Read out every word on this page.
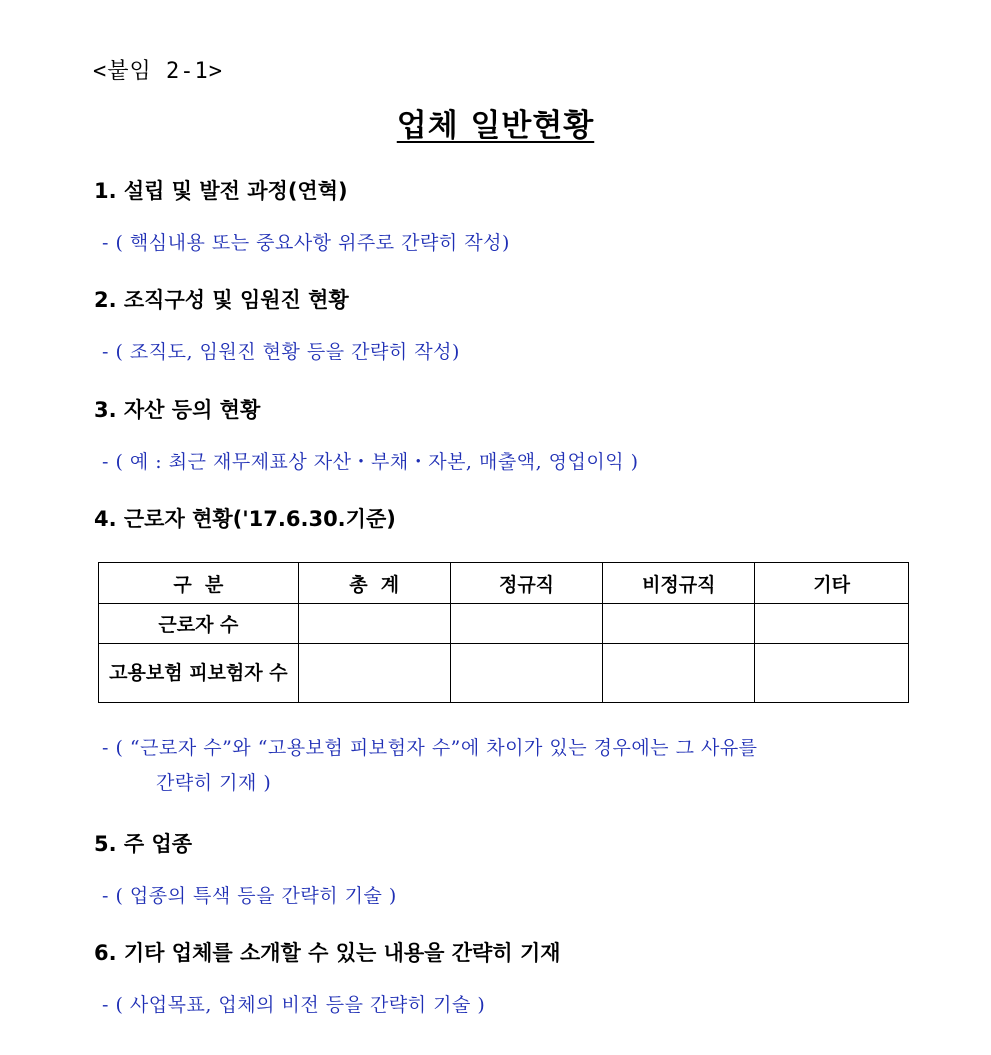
<붙임 2-1>
업체 일반현황
1. 설립 및 발전 과정(연혁)
- ( 핵심내용 또는 중요사항 위주로 간략히 작성)
2. 조직구성 및 임원진 현황
- ( 조직도, 임원진 현황 등을 간략히 작성)
3. 자산 등의 현황
- ( 예 : 최근 재무제표상 자산・부채・자본, 매출액, 영업이익 )
4. 근로자 현황('17.6.30.기준)
구  분	총  계	정규직	비정규직	기타
근로자 수				
고용보험 피보험자 수				
- ( “근로자 수”와 “고용보험 피보험자 수”에 차이가 있는 경우에는 그 사유를
간략히 기재 )
5. 주 업종
- ( 업종의 특색 등을 간략히 기술 )
6. 기타 업체를 소개할 수 있는 내용을 간략히 기재
- ( 사업목표, 업체의 비전 등을 간략히 기술 )
